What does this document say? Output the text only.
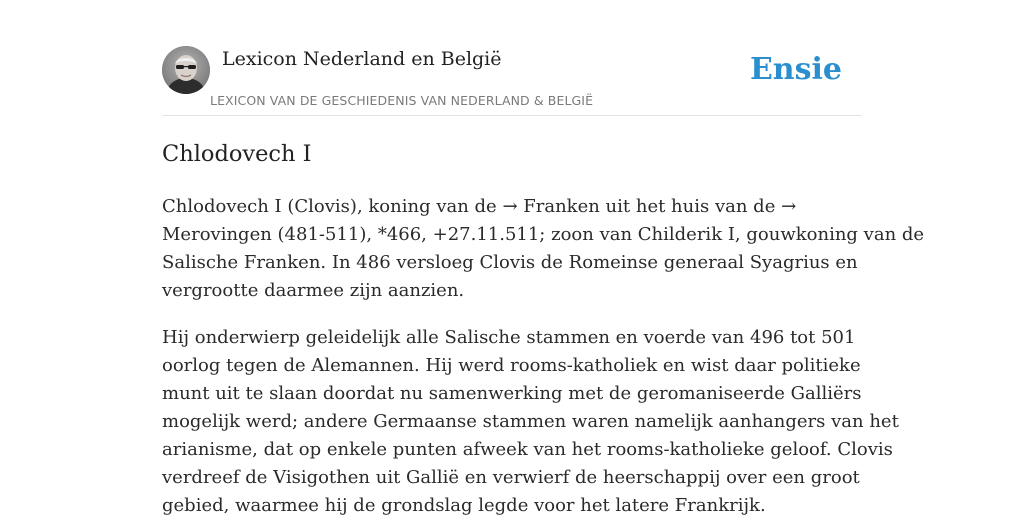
Lexicon Nederland en België
LEXICON VAN DE GESCHIEDENIS VAN NEDERLAND & BELGIË
Ensie
Chlodovech I

Chlodovech I (Clovis), koning van de → Franken uit het huis van de →
Merovingen (481-511), *466, +27.11.511; zoon van Childerik I, gouwkoning van de
Salische Franken. In 486 versloeg Clovis de Romeinse generaal Syagrius en
vergrootte daarmee zijn aanzien.

Hij onderwierp geleidelijk alle Salische stammen en voerde van 496 tot 501
oorlog tegen de Alemannen. Hij werd rooms-katholiek en wist daar politieke
munt uit te slaan doordat nu samenwerking met de geromaniseerde Galliërs
mogelijk werd; andere Germaanse stammen waren namelijk aanhangers van het
arianisme, dat op enkele punten afweek van het rooms-katholieke geloof. Clovis
verdreef de Visigothen uit Gallië en verwierf de heerschappij over een groot
gebied, waarmee hij de grondslag legde voor het latere Frankrijk.
